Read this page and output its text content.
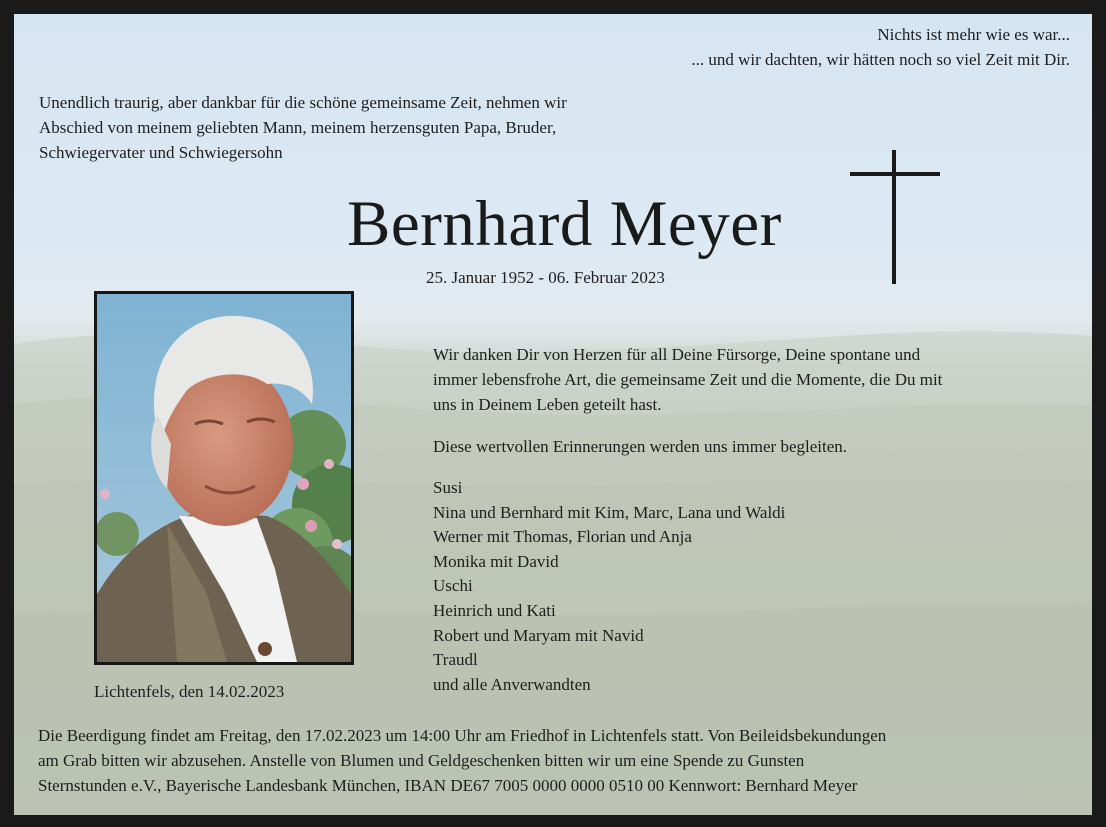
Nichts ist mehr wie es war...
... und wir dachten, wir hätten noch so viel Zeit mit Dir.
Unendlich traurig, aber dankbar für die schöne gemeinsame Zeit, nehmen wir
Abschied von meinem geliebten Mann, meinem herzensguten Papa, Bruder,
Schwiegervater und Schwiegersohn
Bernhard Meyer
25. Januar 1952 - 06. Februar 2023
Lichtenfels, den 14.02.2023
Wir danken Dir von Herzen für all Deine Fürsorge, Deine spontane und
immer lebensfrohe Art, die gemeinsame Zeit und die Momente, die Du mit
uns in Deinem Leben geteilt hast.
Diese wertvollen Erinnerungen werden uns immer begleiten.
Susi
Nina und Bernhard mit Kim, Marc, Lana und Waldi
Werner mit Thomas, Florian und Anja
Monika mit David
Uschi
Heinrich und Kati
Robert und Maryam mit Navid
Traudl
und alle Anverwandten
Die Beerdigung findet am Freitag, den 17.02.2023 um 14:00 Uhr am Friedhof in Lichtenfels statt. Von Beileidsbekundungen
am Grab bitten wir abzusehen. Anstelle von Blumen und Geldgeschenken bitten wir um eine Spende zu Gunsten
Sternstunden e.V., Bayerische Landesbank München, IBAN DE67 7005 0000 0000 0510 00 Kennwort: Bernhard Meyer
